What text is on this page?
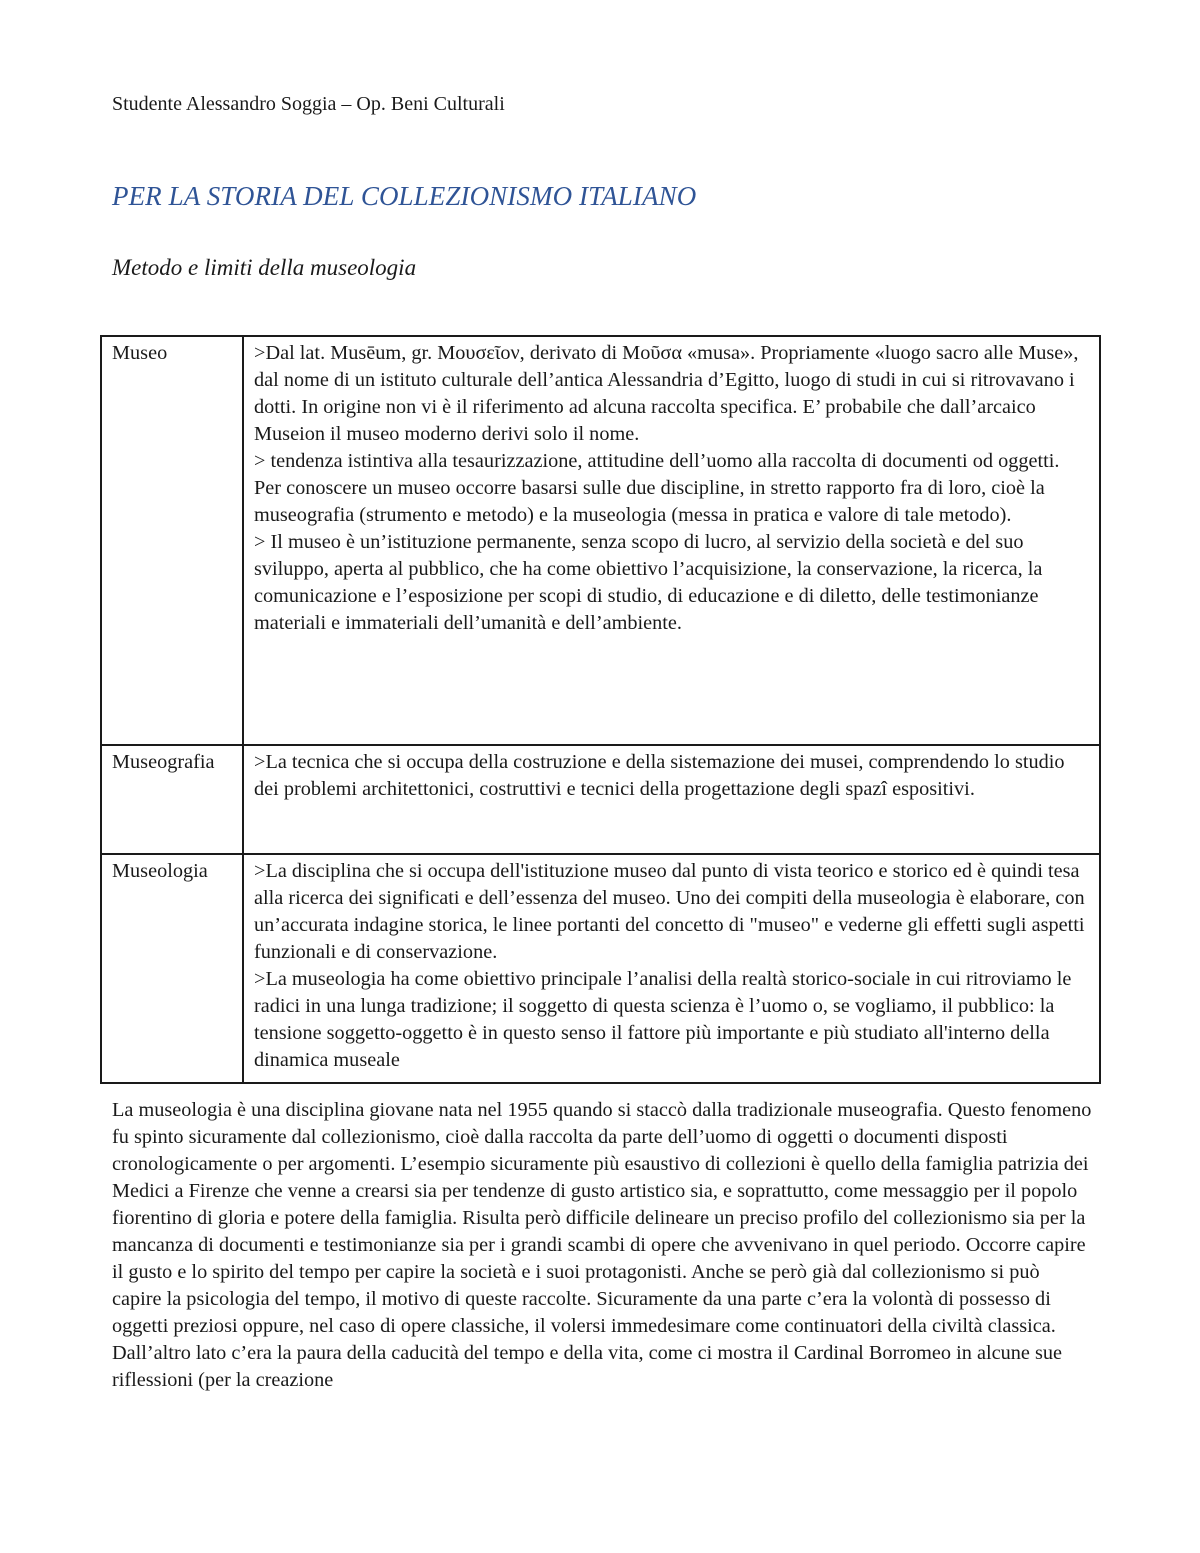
Studente Alessandro Soggia – Op. Beni Culturali
PER LA STORIA DEL COLLEZIONISMO ITALIANO
Metodo e limiti della museologia
Museo	>Dal lat. Musēum, gr. Μουσεῖον, derivato di Μοῦσα «musa». Propriamente «luogo sacro alle Muse», dal nome di un istituto culturale dell’antica Alessandria d’Egitto, luogo di studi in cui si ritrovavano i dotti. In origine non vi è il riferimento ad alcuna raccolta specifica. E’ probabile che dall’arcaico Museion il museo moderno derivi solo il nome.

> tendenza istintiva alla tesaurizzazione, attitudine dell’uomo alla raccolta di documenti od oggetti. Per conoscere un museo occorre basarsi sulle due discipline, in stretto rapporto fra di loro, cioè la museografia (strumento e metodo) e la museologia (messa in pratica e valore di tale metodo).

> Il museo è un’istituzione permanente, senza scopo di lucro, al servizio della società e del suo sviluppo, aperta al pubblico, che ha come obiettivo l’acquisizione, la conservazione, la ricerca, la comunicazione e l’esposizione per scopi di studio, di educazione e di diletto, delle testimonianze materiali e immateriali dell’umanità e dell’ambiente.

Museografia	>La tecnica che si occupa della costruzione e della sistemazione dei musei, comprendendo lo studio dei problemi architettonici, costruttivi e tecnici della progettazione degli spazî espositivi.

Museologia	>La disciplina che si occupa dell'istituzione museo dal punto di vista teorico e storico ed è quindi tesa alla ricerca dei significati e dell’essenza del museo. Uno dei compiti della museologia è elaborare, con un’accurata indagine storica, le linee portanti del concetto di "museo" e vederne gli effetti sugli aspetti funzionali e di conservazione.

>La museologia ha come obiettivo principale l’analisi della realtà storico-sociale in cui ritroviamo le radici in una lunga tradizione; il soggetto di questa scienza è l’uomo o, se vogliamo, il pubblico: la tensione soggetto-oggetto è in questo senso il fattore più importante e più studiato all'interno della dinamica museale

La museologia è una disciplina giovane nata nel 1955 quando si staccò dalla tradizionale museografia. Questo fenomeno fu spinto sicuramente dal collezionismo, cioè dalla raccolta da parte dell’uomo di oggetti o documenti disposti cronologicamente o per argomenti. L’esempio sicuramente più esaustivo di collezioni è quello della famiglia patrizia dei Medici a Firenze che venne a crearsi sia per tendenze di gusto artistico sia, e soprattutto, come messaggio per il popolo fiorentino di gloria e potere della famiglia. Risulta però difficile delineare un preciso profilo del collezionismo sia per la mancanza di documenti e testimonianze sia per i grandi scambi di opere che avvenivano in quel periodo. Occorre capire il gusto e lo spirito del tempo per capire la società e i suoi protagonisti. Anche se però già dal collezionismo si può capire la psicologia del tempo, il motivo di queste raccolte. Sicuramente da una parte c’era la volontà di possesso di oggetti preziosi oppure, nel caso di opere classiche, il volersi immedesimare come continuatori della civiltà classica. Dall’altro lato c’era la paura della caducità del tempo e della vita, come ci mostra il Cardinal Borromeo in alcune sue riflessioni (per la creazione
